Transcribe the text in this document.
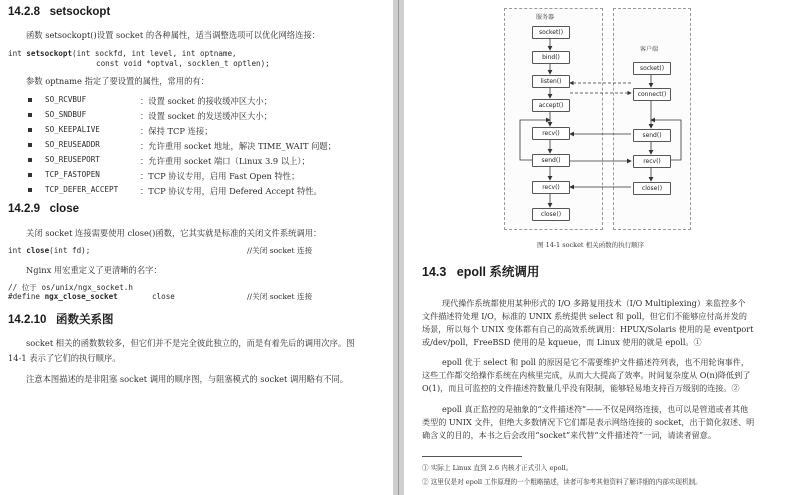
14.2.8 setsockopt
函数 setsockopt()设置 socket 的各种属性，适当调整选项可以优化网络连接：
int setsockopt(int sockfd, int level, int optname,
const void *optval, socklen_t optlen);
参数 optname 指定了要设置的属性，常用的有：
SO_RCVBUF	：设置 socket 的接收缓冲区大小；
SO_SNDBUF	：设置 socket 的发送缓冲区大小；
SO_KEEPALIVE	：保持 TCP 连接；
SO_REUSEADDR	：允许重用 socket 地址，解决 TIME_WAIT 问题；
SO_REUSEPORT	：允许重用 socket 端口（Linux 3.9 以上）；
TCP_FASTOPEN	：TCP 协议专用，启用 Fast Open 特性；
TCP_DEFER_ACCEPT	：TCP 协议专用，启用 Defered Accept 特性。
14.2.9 close
关闭 socket 连接需要使用 close()函数，它其实就是标准的关闭文件系统调用：
int close(int fd);	//关闭 socket 连接
Nginx 用宏重定义了更清晰的名字：
// 位于 os/unix/ngx_socket.h
#define ngx_close_socket	close	//关闭 socket 连接
14.2.10 函数关系图
socket 相关的函数数较多，但它们并不是完全彼此独立的，而是有着先后的调用次序。图
14-1 表示了它们的执行顺序。
注意本图描述的是非阻塞 socket 调用的顺序图，与阻塞模式的 socket 调用略有不同。
服务器
客户端
socket()
bind()
listen()
accept()
recv()
send()
recv()
close()
socket()
connect()
send()
recv()
close()
图 14-1 socket 相关函数的执行顺序
14.3 epoll 系统调用
现代操作系统都使用某种形式的 I/O 多路复用技术（I/O Multiplexing）来监控多个
文件描述符处理 I/O，标准的 UNIX 系统提供 select 和 poll，但它们不能够应付高并发的
场景，所以每个 UNIX 变体都有自己的高效系统调用：HPUX/Solaris 使用的是 eventport
或/dev/poll，FreeBSD 使用的是 kqueue，而 Linux 使用的就是 epoll。①
epoll 优于 select 和 poll 的原因是它不需要维护文件描述符列表，也不用轮询事件，
这些工作都交给操作系统在内核里完成，从而大大提高了效率。时间复杂度从 O(n)降低到了
O(1)，而且可监控的文件描述符数量几乎没有限制，能够轻易地支持百万级别的连接。②
epoll 真正监控的是抽象的“文件描述符”——不仅是网络连接，也可以是管道或者其他
类型的 UNIX 文件，但绝大多数情况下它们都是表示网络连接的 socket，出于简化叙述、明
确含义的目的，本书之后会改用“socket”来代替“文件描述符”一词，请读者留意。
① 实际上 Linux 直到 2.6 内核才正式引入 epoll。
② 这里仅是对 epoll 工作原理的一个粗略描述，读者可参考其他资料了解详细的内部实现机制。
